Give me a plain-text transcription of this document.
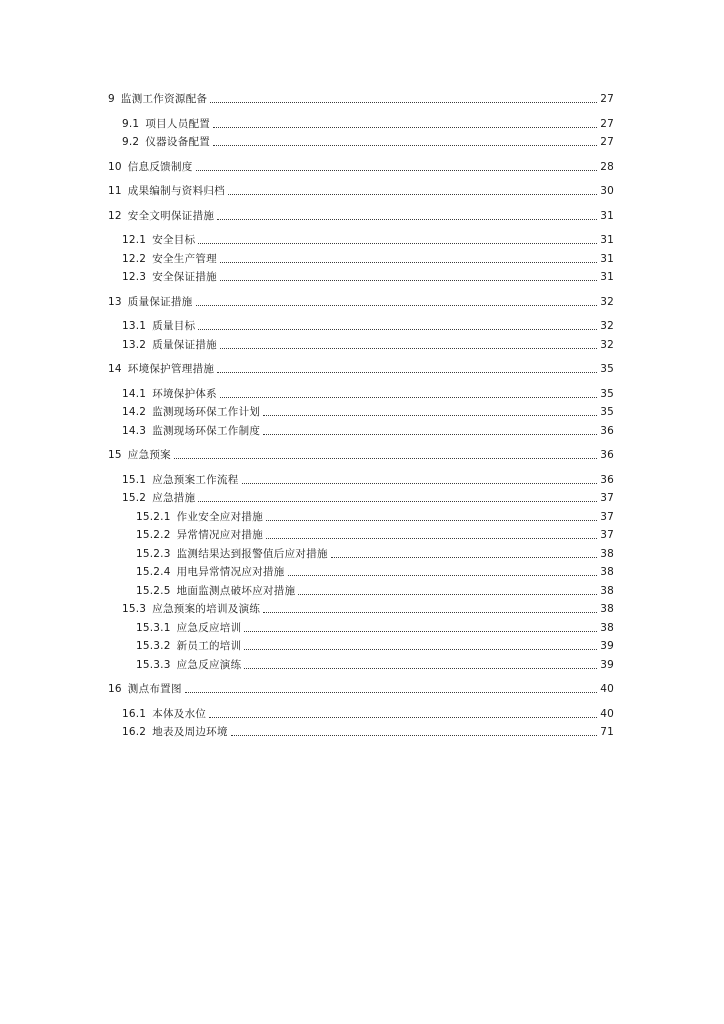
9 监测工作资源配备	27
9.1 项目人员配置	27
9.2 仪器设备配置	27
10 信息反馈制度	28
11 成果编制与资料归档	30
12 安全文明保证措施	31
12.1 安全目标	31
12.2 安全生产管理	31
12.3 安全保证措施	31
13 质量保证措施	32
13.1 质量目标	32
13.2 质量保证措施	32
14 环境保护管理措施	35
14.1 环境保护体系	35
14.2 监测现场环保工作计划	35
14.3 监测现场环保工作制度	36
15 应急预案	36
15.1 应急预案工作流程	36
15.2 应急措施	37
15.2.1 作业安全应对措施	37
15.2.2 异常情况应对措施	37
15.2.3 监测结果达到报警值后应对措施	38
15.2.4 用电异常情况应对措施	38
15.2.5 地面监测点破坏应对措施	38
15.3 应急预案的培训及演练	38
15.3.1 应急反应培训	38
15.3.2 新员工的培训	39
15.3.3 应急反应演练	39
16 测点布置图	40
16.1 本体及水位	40
16.2 地表及周边环境	71
